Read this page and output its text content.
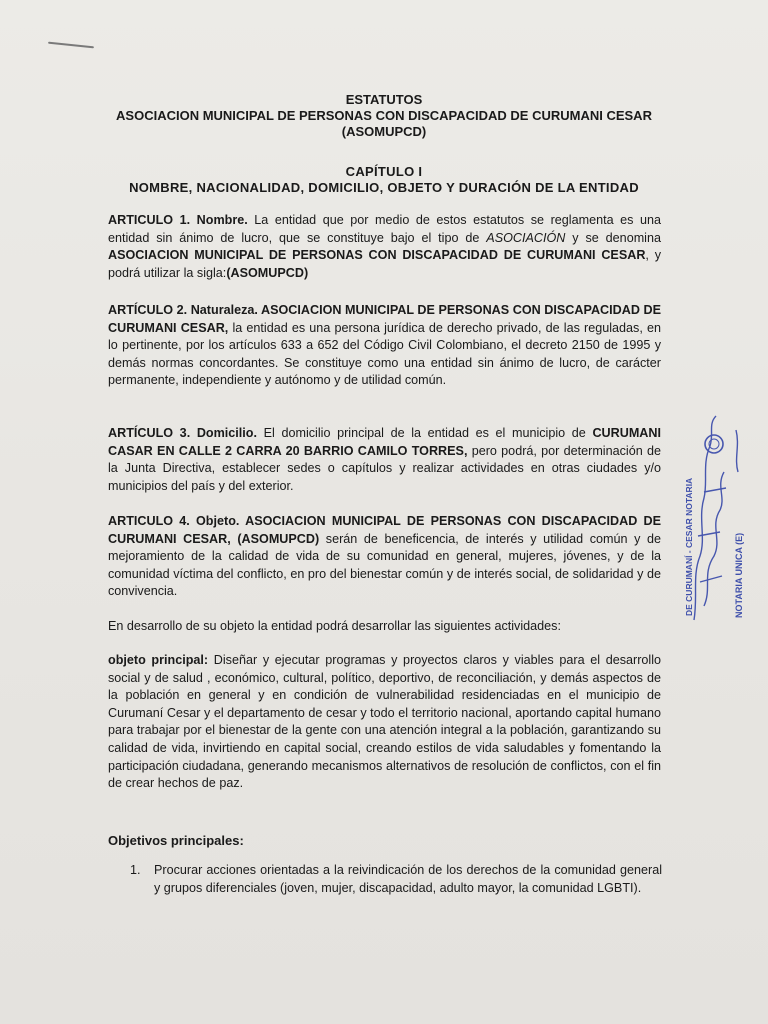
ESTATUTOS
ASOCIACION MUNICIPAL DE PERSONAS CON DISCAPACIDAD DE CURUMANI CESAR
(ASOMUPCD)
CAPÍTULO I
NOMBRE, NACIONALIDAD, DOMICILIO, OBJETO Y DURACIÓN DE LA ENTIDAD
ARTICULO 1. Nombre. La entidad que por medio de estos estatutos se reglamenta es una entidad sin ánimo de lucro, que se constituye bajo el tipo de ASOCIACIÓN y se denomina ASOCIACION MUNICIPAL DE PERSONAS CON DISCAPACIDAD DE CURUMANI CESAR, y podrá utilizar la sigla:(ASOMUPCD)
ARTÍCULO 2. Naturaleza. ASOCIACION MUNICIPAL DE PERSONAS CON DISCAPACIDAD DE CURUMANI CESAR, la entidad es una persona jurídica de derecho privado, de las reguladas, en lo pertinente, por los artículos 633 a 652 del Código Civil Colombiano, el decreto 2150 de 1995 y demás normas concordantes. Se constituye como una entidad sin ánimo de lucro, de carácter permanente, independiente y autónomo y de utilidad común.
ARTÍCULO 3. Domicilio. El domicilio principal de la entidad es el municipio de CURUMANI CASAR EN CALLE 2 CARRA 20 BARRIO CAMILO TORRES, pero podrá, por determinación de la Junta Directiva, establecer sedes o capítulos y realizar actividades en otras ciudades y/o municipios del país y del exterior.
ARTICULO 4. Objeto. ASOCIACION MUNICIPAL DE PERSONAS CON DISCAPACIDAD DE CURUMANI CESAR, (ASOMUPCD) serán de beneficencia, de interés y utilidad común y de mejoramiento de la calidad de vida de su comunidad en general, mujeres, jóvenes, y de la comunidad víctima del conflicto, en pro del bienestar común y de interés social, de solidaridad y de convivencia.
En desarrollo de su objeto la entidad podrá desarrollar las siguientes actividades:
objeto principal: Diseñar y ejecutar programas y proyectos claros y viables para el desarrollo social y de salud , económico, cultural, político, deportivo, de reconciliación, y demás aspectos de la población en general y en condición de vulnerabilidad residenciadas en el municipio de Curumaní Cesar y el departamento de cesar y todo el territorio nacional, aportando capital humano para trabajar por el bienestar de la gente con una atención integral a la población, garantizando su calidad de vida, invirtiendo en capital social, creando estilos de vida saludables y fomentando la participación ciudadana, generando mecanismos alternativos de resolución de conflictos, con el fin de crear hechos de paz.
Objetivos principales:
1. Procurar acciones orientadas a la reivindicación de los derechos de la comunidad general y grupos diferenciales (joven, mujer, discapacidad, adulto mayor, la comunidad LGBTI).
DE CURUMANÍ - CESAR NOTARIA	NOTARIA UNICA (E)
